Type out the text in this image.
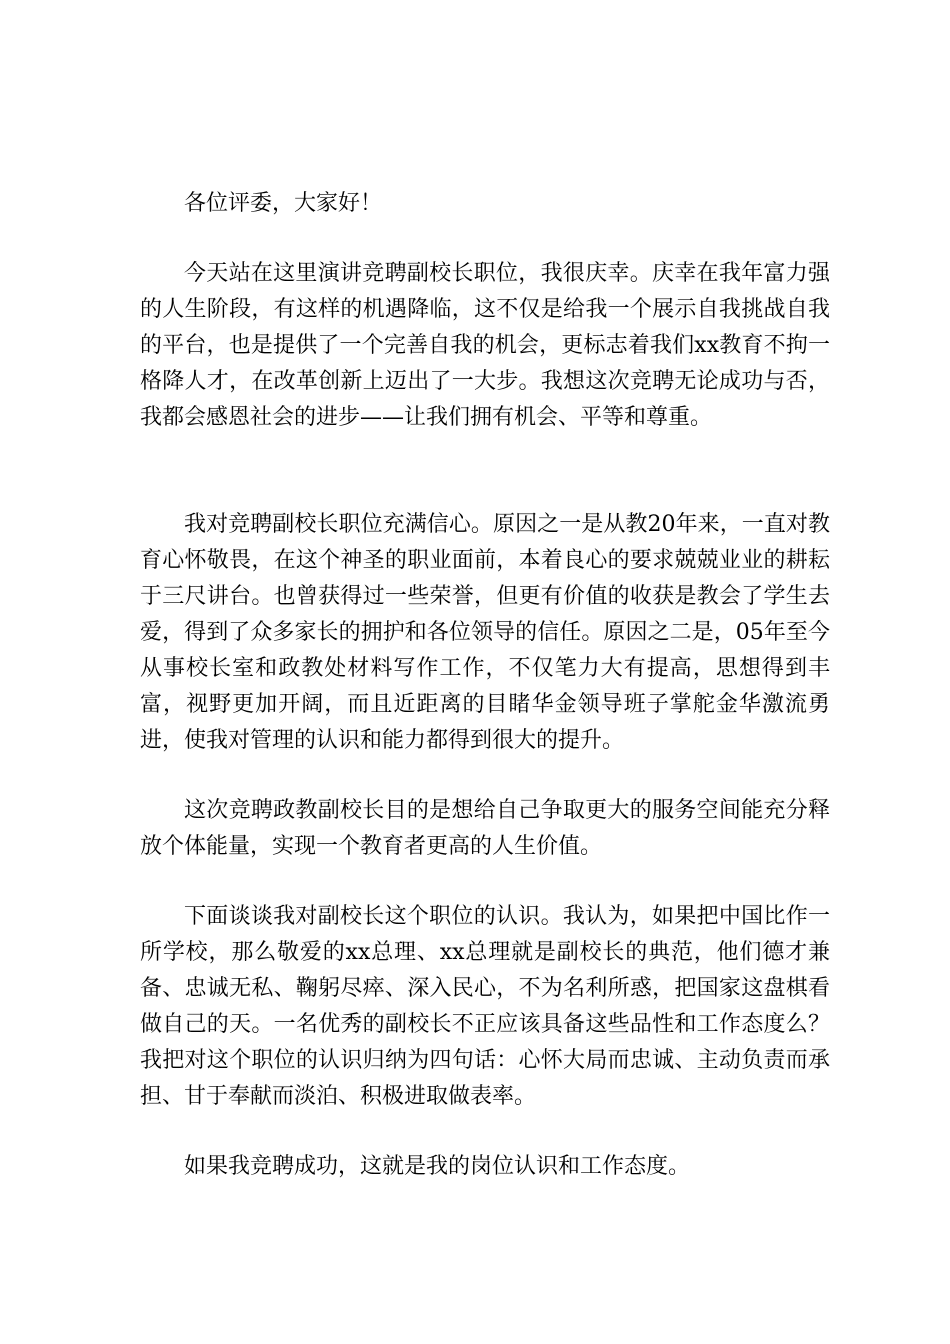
各位评委，大家好！

今天站在这里演讲竞聘副校长职位，我很庆幸。庆幸在我年富力强的人生阶段，有这样的机遇降临，这不仅是给我一个展示自我挑战自我的平台，也是提供了一个完善自我的机会，更标志着我们xx教育不拘一格降人才，在改革创新上迈出了一大步。我想这次竞聘无论成功与否，我都会感恩社会的进步——让我们拥有机会、平等和尊重。

我对竞聘副校长职位充满信心。原因之一是从教20年来，一直对教育心怀敬畏，在这个神圣的职业面前，本着良心的要求兢兢业业的耕耘于三尺讲台。也曾获得过一些荣誉，但更有价值的收获是教会了学生去爱，得到了众多家长的拥护和各位领导的信任。原因之二是，05年至今从事校长室和政教处材料写作工作，不仅笔力大有提高，思想得到丰富，视野更加开阔，而且近距离的目睹华金领导班子掌舵金华激流勇进，使我对管理的认识和能力都得到很大的提升。

这次竞聘政教副校长目的是想给自己争取更大的服务空间能充分释放个体能量，实现一个教育者更高的人生价值。

下面谈谈我对副校长这个职位的认识。我认为，如果把中国比作一所学校，那么敬爱的xx总理、xx总理就是副校长的典范，他们德才兼备、忠诚无私、鞠躬尽瘁、深入民心，不为名利所惑，把国家这盘棋看做自己的天。一名优秀的副校长不正应该具备这些品性和工作态度么？我把对这个职位的认识归纳为四句话：心怀大局而忠诚、主动负责而承担、甘于奉献而淡泊、积极进取做表率。

如果我竞聘成功，这就是我的岗位认识和工作态度。
